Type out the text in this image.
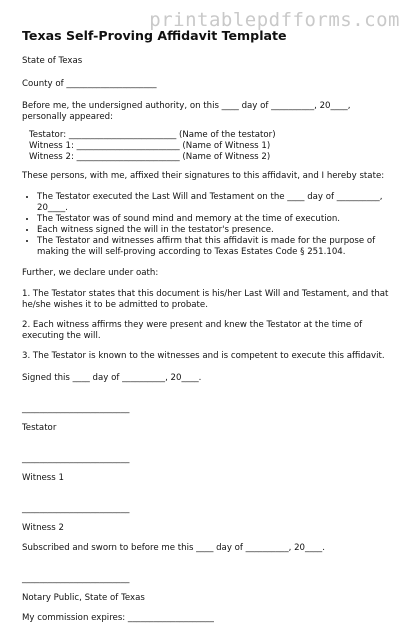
printablepdfforms.com
Texas Self-Proving Affidavit Template

State of Texas

County of _____________________

Before me, the undersigned authority, on this ____ day of __________, 20____, personally appeared:

Testator: _________________________ (Name of the testator)
Witness 1: ________________________ (Name of Witness 1)
Witness 2: ________________________ (Name of Witness 2)

These persons, with me, affixed their signatures to this affidavit, and I hereby state:

• The Testator executed the Last Will and Testament on the ____ day of __________, 20____.
• The Testator was of sound mind and memory at the time of execution.
• Each witness signed the will in the testator's presence.
• The Testator and witnesses affirm that this affidavit is made for the purpose of making the will self-proving according to Texas Estates Code § 251.104.

Further, we declare under oath:

1. The Testator states that this document is his/her Last Will and Testament, and that he/she wishes it to be admitted to probate.

2. Each witness affirms they were present and knew the Testator at the time of executing the will.

3. The Testator is known to the witnesses and is competent to execute this affidavit.

Signed this ____ day of __________, 20____.

_________________________

Testator

_________________________

Witness 1

_________________________

Witness 2

Subscribed and sworn to before me this ____ day of __________, 20____.

_________________________

Notary Public, State of Texas

My commission expires: ____________________
